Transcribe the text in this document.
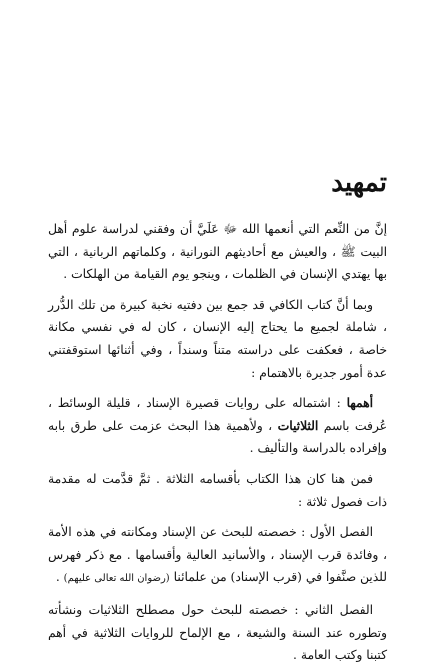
تمهيد

إنَّ من النِّعم التي أنعمها الله ﷻ عَلَيَّ أن وفقني لدراسة علوم أهل البيت ﷺ ، والعيش مع أحاديثهم النورانية ، وكلماتهم الربانية ، التي بها يهتدي الإنسان في الظلمات ، وينجو يوم القيامة من الهلكات .

وبما أنَّ كتاب الكافي قد جمع بين دفتيه نخبة كبيرة من تلك الدُّرر ، شاملة لجميع ما يحتاج إليه الإنسان ، كان له في نفسي مكانة خاصة ، فعكفت على دراسته متناً وسنداً ، وفي أثنائها استوقفتني عدة أمور جديرة بالاهتمام :

أهمها : اشتماله على روايات قصيرة الإسناد ، قليلة الوسائط ، عُرفت باسم الثلاثيات ، ولأهمية هذا البحث عزمت على طرق بابه وإفراده بالدراسة والتأليف .

فمن هنا كان هذا الكتاب بأقسامه الثلاثة . ثمَّ قدَّمت له مقدمة ذات فصول ثلاثة :

الفصل الأول : خصصته للبحث عن الإسناد ومكانته في هذه الأمة ، وفائدة قرب الإسناد ، والأسانيد العالية وأقسامها . مع ذكر فهرس للذين صنَّفوا في (قرب الإسناد) من علمائنا (رضوان الله تعالى عليهم) .

الفصل الثاني : خصصته للبحث حول مصطلح الثلاثيات ونشأته وتطوره عند السنة والشيعة ، مع الإلماح للروايات الثلاثية في أهم كتبنا وكتب العامة .
